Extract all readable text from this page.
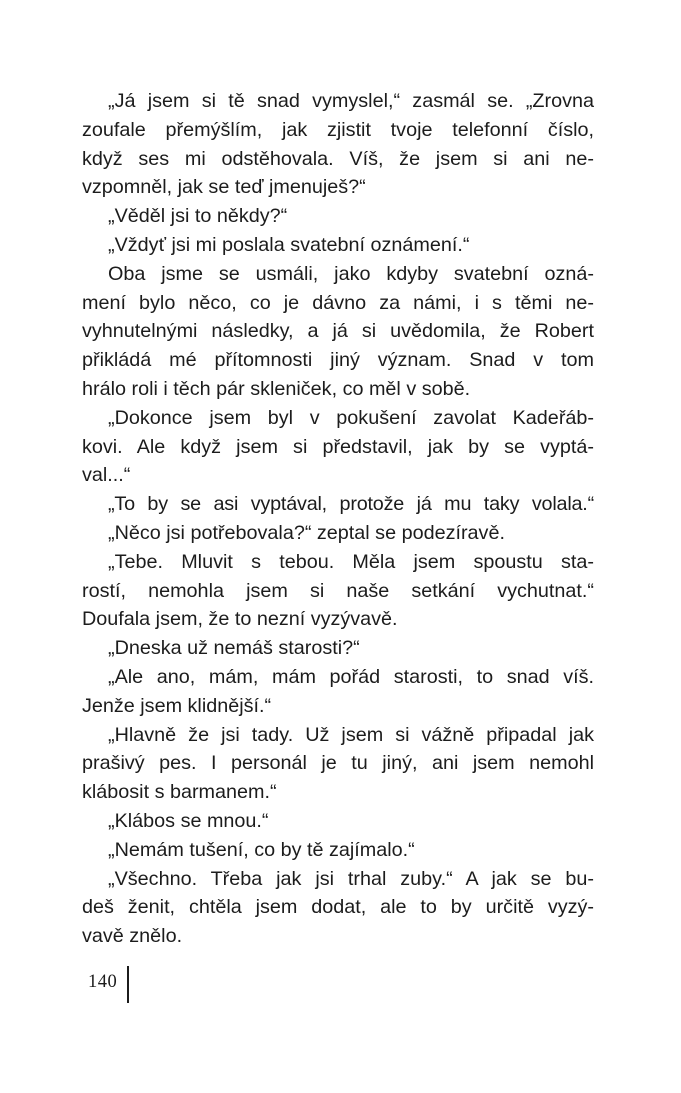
„Já jsem si tě snad vymyslel,“ zasmál se. „Zrovna
zoufale přemýšlím, jak zjistit tvoje telefonní číslo,
když ses mi odstěhovala. Víš, že jsem si ani ne-
vzpomněl, jak se teď jmenuješ?“

„Věděl jsi to někdy?“

„Vždyť jsi mi poslala svatební oznámení.“

Oba jsme se usmáli, jako kdyby svatební ozná-
mení bylo něco, co je dávno za námi, i s těmi ne-
vyhnutelnými následky, a já si uvědomila, že Robert
přikládá mé přítomnosti jiný význam. Snad v tom
hrálo roli i těch pár skleniček, co měl v sobě.

„Dokonce jsem byl v pokušení zavolat Kadeřáb-
kovi. Ale když jsem si představil, jak by se vyptá-
val...“

„To by se asi vyptával, protože já mu taky volala.“

„Něco jsi potřebovala?“ zeptal se podezíravě.

„Tebe. Mluvit s tebou. Měla jsem spoustu sta-
rostí, nemohla jsem si naše setkání vychutnat.“
Doufala jsem, že to nezní vyzývavě.

„Dneska už nemáš starosti?“

„Ale ano, mám, mám pořád starosti, to snad víš.
Jenže jsem klidnější.“

„Hlavně že jsi tady. Už jsem si vážně připadal jak
prašivý pes. I personál je tu jiný, ani jsem nemohl
klábosit s barmanem.“

„Klábos se mnou.“

„Nemám tušení, co by tě zajímalo.“

„Všechno. Třeba jak jsi trhal zuby.“ A jak se bu-
deš ženit, chtěla jsem dodat, ale to by určitě vyzý-
vavě znělo.

140
